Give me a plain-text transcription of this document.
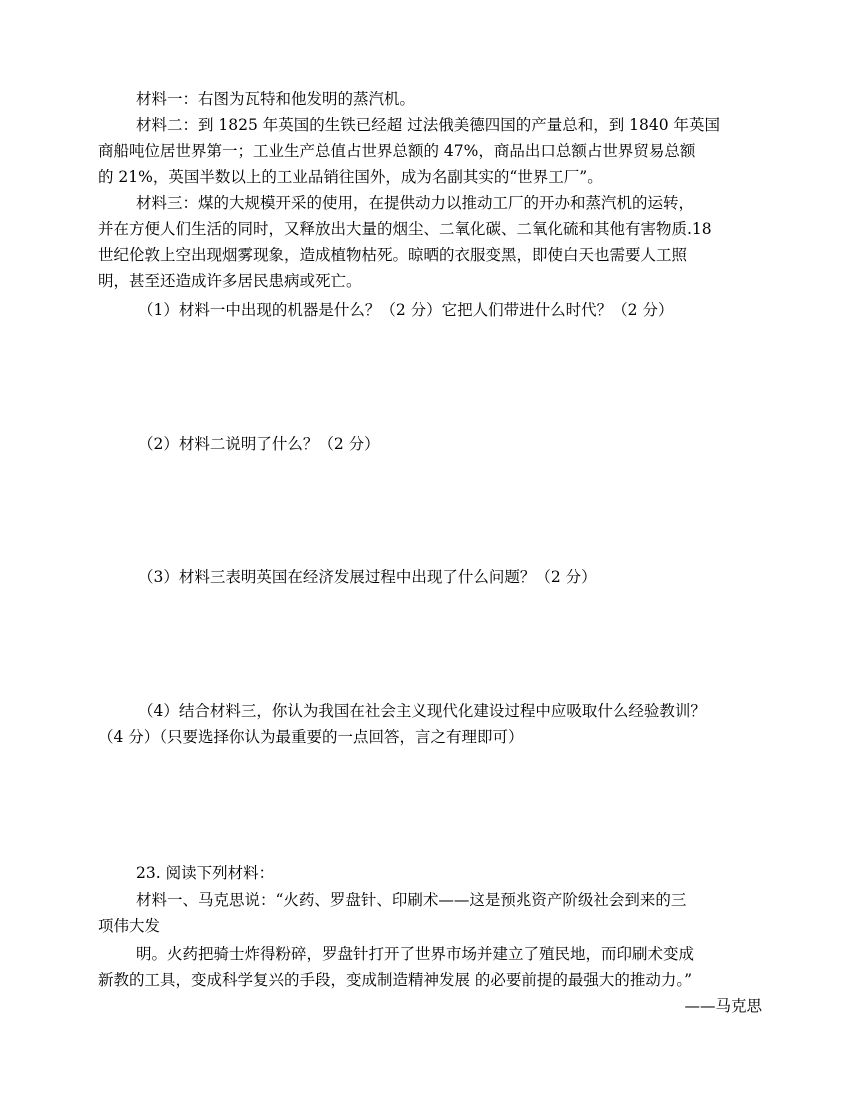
材料一：右图为瓦特和他发明的蒸汽机。
材料二：到 1825 年英国的生铁已经超 过法俄美德四国的产量总和，到 1840 年英国
商船吨位居世界第一；工业生产总值占世界总额的 47%，商品出口总额占世界贸易总额
的 21%，英国半数以上的工业品销往国外，成为名副其实的“世界工厂”。
材料三：煤的大规模开采的使用，在提供动力以推动工厂的开办和蒸汽机的运转，
并在方便人们生活的同时，又释放出大量的烟尘、二氧化碳、二氧化硫和其他有害物质.18
世纪伦敦上空出现烟雾现象，造成植物枯死。晾晒的衣服变黑，即使白天也需要人工照
明，甚至还造成许多居民患病或死亡。
（1）材料一中出现的机器是什么？（2 分）它把人们带进什么时代？（2 分）
（2）材料二说明了什么？（2 分）
（3）材料三表明英国在经济发展过程中出现了什么问题？（2 分）
（4）结合材料三，你认为我国在社会主义现代化建设过程中应吸取什么经验教训？
（4 分）（只要选择你认为最重要的一点回答，言之有理即可）
23. 阅读下列材料：
材料一、马克思说：“火药、罗盘针、印刷术——这是预兆资产阶级社会到来的三
项伟大发
明。火药把骑士炸得粉碎，罗盘针打开了世界市场并建立了殖民地，而印刷术变成
新教的工具，变成科学复兴的手段，变成制造精神发展 的必要前提的最强大的推动力。”
——马克思
